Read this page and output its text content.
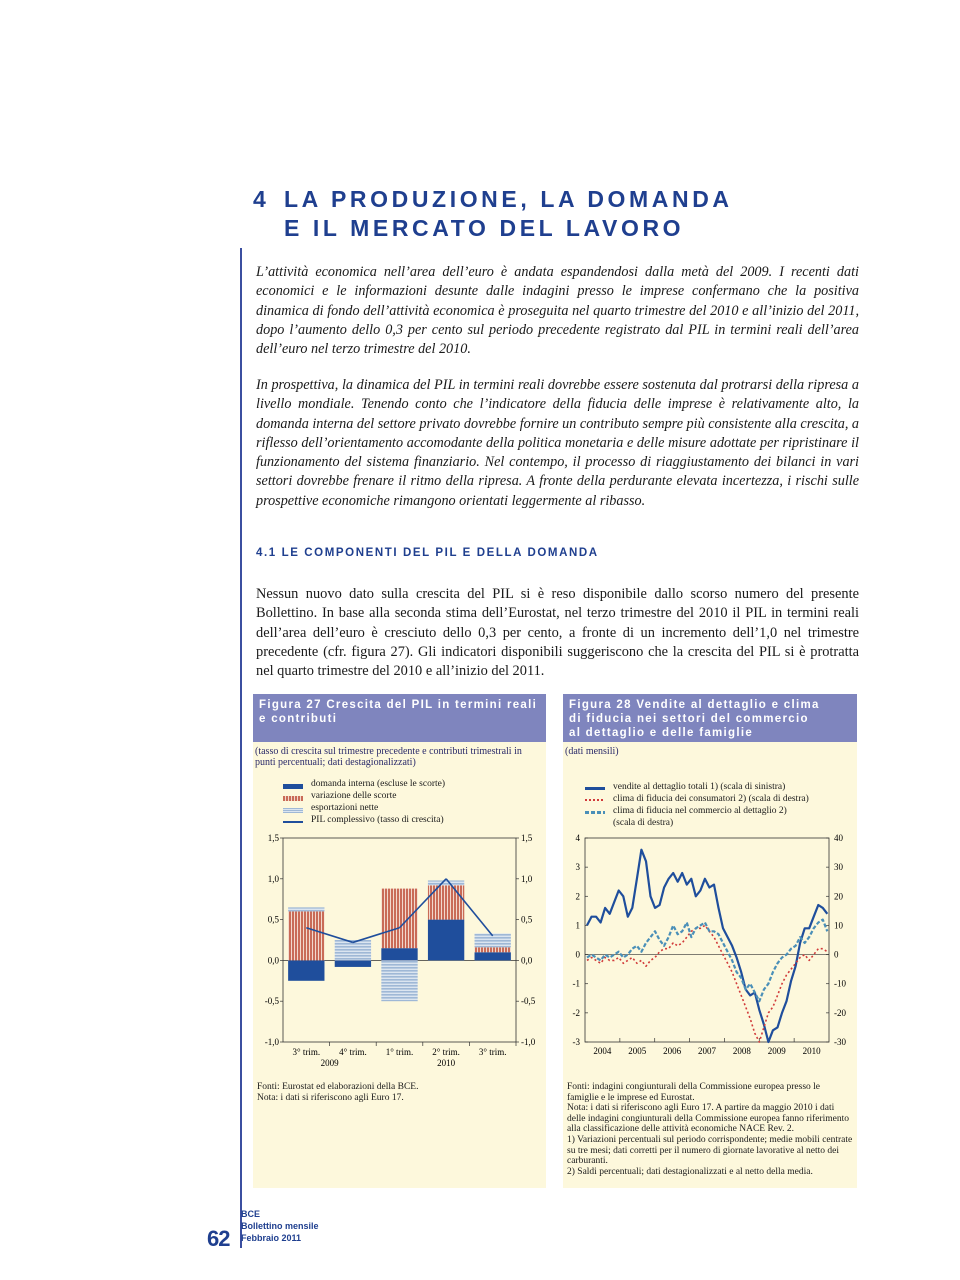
4 LA PRODUZIONE, LA DOMANDA
E IL MERCATO DEL LAVORO
L’attività economica nell’area dell’euro è andata espandendosi dalla metà del 2009. I recenti dati economici e le informazioni desunte dalle indagini presso le imprese confermano che la positiva dinamica di fondo dell’attività economica è proseguita nel quarto trimestre del 2010 e all’inizio del 2011, dopo l’aumento dello 0,3 per cento sul periodo precedente registrato dal PIL in termini reali dell’area dell’euro nel terzo trimestre del 2010.
In prospettiva, la dinamica del PIL in termini reali dovrebbe essere sostenuta dal protrarsi della ripresa a livello mondiale. Tenendo conto che l’indicatore della fiducia delle imprese è relativamente alto, la domanda interna del settore privato dovrebbe fornire un contributo sempre più consistente alla crescita, a riflesso dell’orientamento accomodante della politica monetaria e delle misure adottate per ripristinare il funzionamento del sistema finanziario. Nel contempo, il processo di riaggiustamento dei bilanci in vari settori dovrebbe frenare il ritmo della ripresa. A fronte della perdurante elevata incertezza, i rischi sulle prospettive economiche rimangono orientati leggermente al ribasso.
4.1 LE COMPONENTI DEL PIL E DELLA DOMANDA
Nessun nuovo dato sulla crescita del PIL si è reso disponibile dallo scorso numero del presente Bollettino. In base alla seconda stima dell’Eurostat, nel terzo trimestre del 2010 il PIL in termini reali dell’area dell’euro è cresciuto dello 0,3 per cento, a fronte di un incremento dell’1,0 nel trimestre precedente (cfr. figura 27). Gli indicatori disponibili suggeriscono che la crescita del PIL si è protratta nel quarto trimestre del 2010 e all’inizio del 2011.
Figura 27 Crescita del PIL in termini reali e contributi
(tasso di crescita sul trimestre precedente e contributi trimestrali in punti percentuali; dati destagionalizzati)
domanda interna (escluse le scorte)
variazione delle scorte
esportazioni nette
PIL complessivo (tasso di crescita)
1,5	1,5
1,0	1,0
0,5	0,5
0,0	0,0
-0,5	-0,5
-1,0	-1,0
3° trim. 4° trim. 1° trim. 2° trim. 3° trim.
2009	2010
Fonti: Eurostat ed elaborazioni della BCE.
Nota: i dati si riferiscono agli Euro 17.
Figura 28 Vendite al dettaglio e clima
di fiducia nei settori del commercio
al dettaglio e delle famiglie
(dati mensili)
vendite al dettaglio totali 1) (scala di sinistra)
clima di fiducia dei consumatori 2) (scala di destra)
clima di fiducia nel commercio al dettaglio 2)
(scala di destra)
4
3
2
1
0
-1
-2
-3
40
30
20
10
0
-10
-20
-30
2004 2005 2006 2007 2008 2009 2010
Fonti: indagini congiunturali della Commissione europea presso le famiglie e le imprese ed Eurostat.
Nota: i dati si riferiscono agli Euro 17. A partire da maggio 2010 i dati delle indagini congiunturali della Commissione europea fanno riferimento alla classificazione delle attività economiche NACE Rev. 2.
1) Variazioni percentuali sul periodo corrispondente; medie mobili centrate su tre mesi; dati corretti per il numero di giornate lavorative al netto dei carburanti.
2) Saldi percentuali; dati destagionalizzati e al netto della media.
62
BCE
Bollettino mensile
Febbraio 2011
